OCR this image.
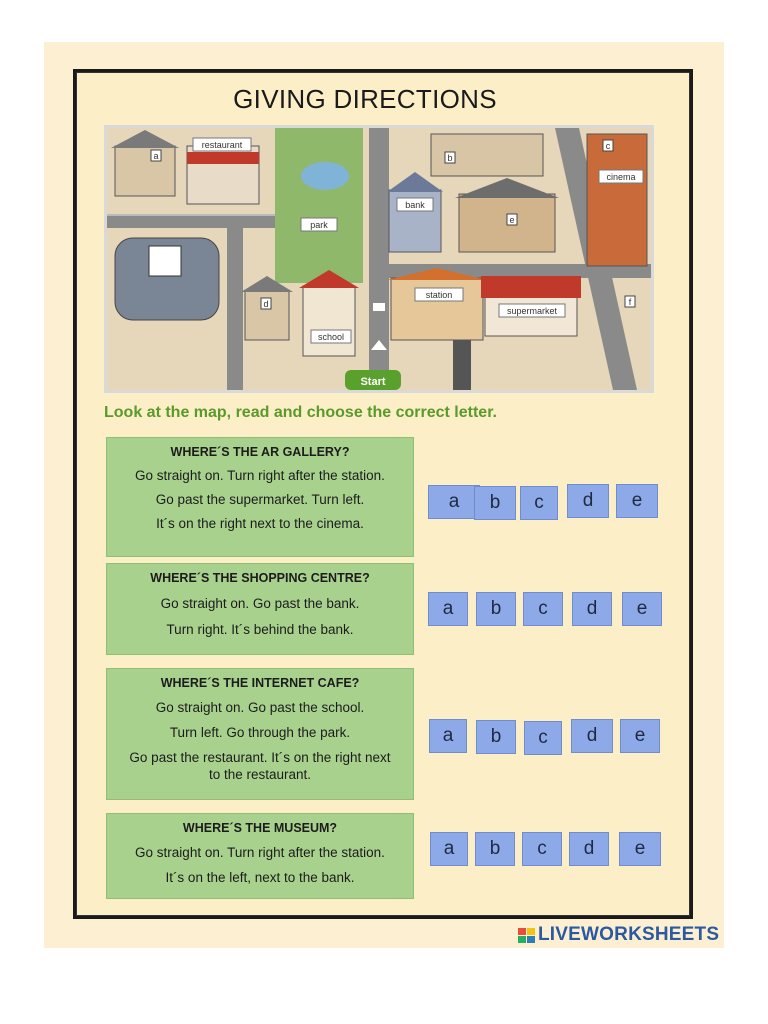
GIVING DIRECTIONS
restaurant
park
bank
cinema
station
supermarket
school
Start
a	b
c
d
e
f
Look at the map, read and choose the correct letter.
WHERE´S THE AR GALLERY?
Go straight on. Turn right after the station.
Go past the supermarket. Turn left.
It´s on the right next to the cinema.
WHERE´S THE SHOPPING CENTRE?
Go straight on. Go past the bank.
Turn right. It´s behind the bank.
WHERE´S THE INTERNET CAFE?
Go straight on. Go past the school.
Turn left. Go through the park.
Go past the restaurant. It´s on the right next
to the restaurant.
WHERE´S THE MUSEUM?
Go straight on. Turn right after the station.
It´s on the left, next to the bank.
a	b	c	d	e
a	b	c	d	e
a	b	c	d	e
a	b	c	d	e
LIVEWORKSHEETS
